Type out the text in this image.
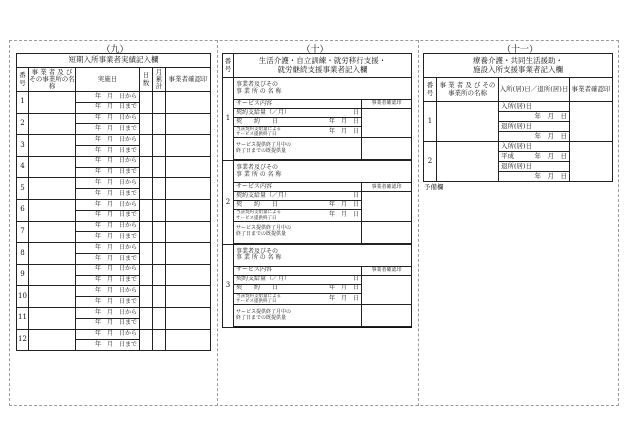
（九）	（十）	（十一）
短期入所事業者実績記入欄					
番号	事 業 者 及 び その事業所の名称	実施日	日数	月累計	事業者確認印
1		年　月　日から			
		年　月　日まで			
2		年　月　日から			
		年　月　日まで			
3		年　月　日から			
		年　月　日まで			
4		年　月　日から			
		年　月　日まで			
5		年　月　日から			
		年　月　日まで			
6		年　月　日から			
		年　月　日まで			
7		年　月　日から			
		年　月　日まで			
8		年　月　日から			
		年　月　日まで			
9		年　月　日から			
		年　月　日まで			
10		年　月　日から			
		年　月　日まで			
11		年　月　日から			
		年　月　日まで			
12		年　月　日から			
		年　月　日まで			
番号	生活介護・自立訓練・就労移行支援・
就労継続支援事業者記入欄	

1	事業者及びその
事 業 所 の 名 称	

	サービス内容	事業者確認印
	契約支給量（／月） 日	

	契　　約　　日 年　月　日	

	年　月　日
当該契約支給量による
サービス提供終了日	

	サービス提供終了月中の
終了日までの既提供量	

2	事業者及びその
事 業 所 の 名 称	

	サービス内容	事業者確認印
	契約支給量（／月） 日	

	契　　約　　日 年　月　日	

	年　月　日
当該契約支給量による
サービス提供終了日	

	サービス提供終了月中の
終了日までの既提供量	

3	事業者及びその
事 業 所 の 名 称	

	サービス内容	事業者確認印
	契約支給量（／月） 日	

	契　　約　　日 年　月　日	

	年　月　日
当該契約支給量による
サービス提供終了日	

	サービス提供終了月中の
終了日までの既提供量	

療養介護・共同生活援助・
施設入所支援事業者記入欄			

番号	事 業 者 及 び その事業所の名称	入所(居)日／退所(居)日	事業者確認印
1		入所(居)日	
		年　月　日	
		退所(居)日	
		年　月　日	
2		入所(居)日	
		平成 年　月　日	

		退所(居)日	
		年　月　日	
予備欄
